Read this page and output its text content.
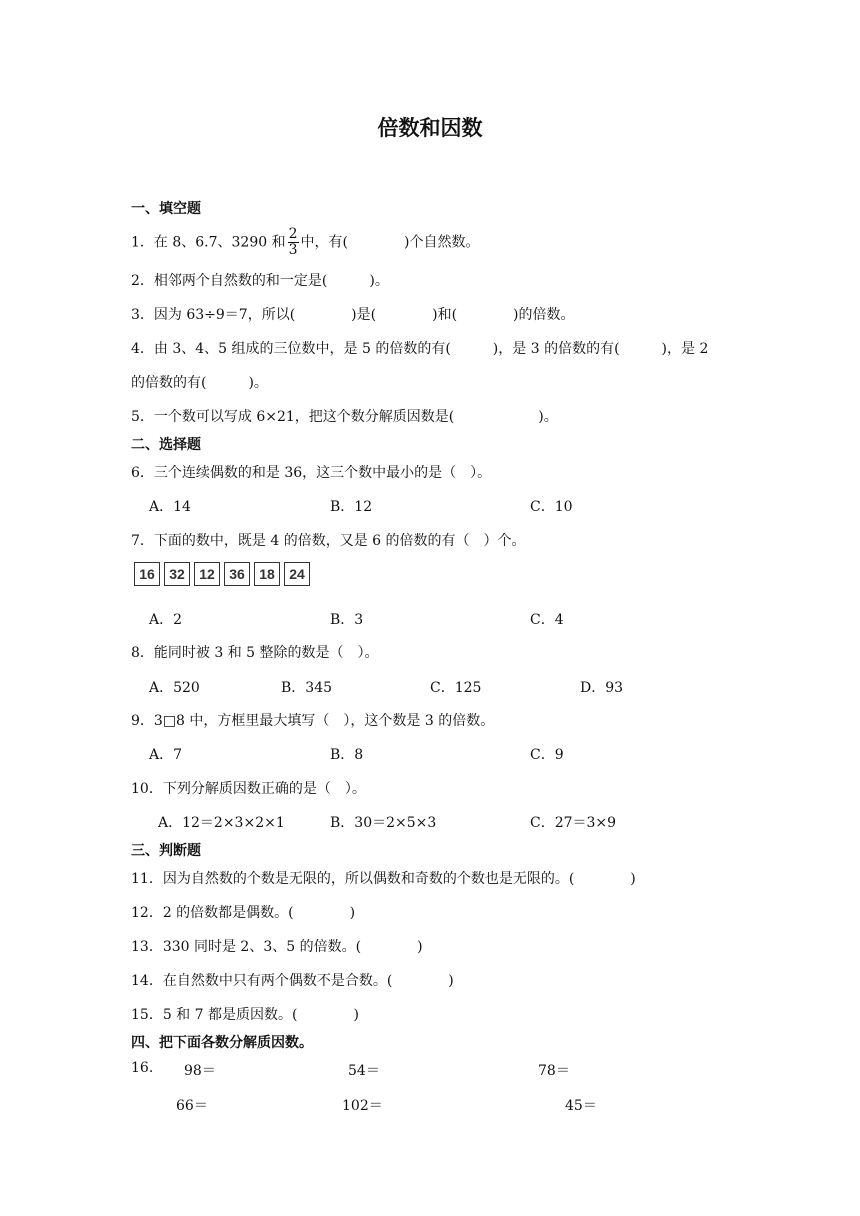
倍数和因数
一、填空题
1．在 8、6.7、3290 和 $\frac{2}{3}$ 中，有(　　　　)个自然数。
2．相邻两个自然数的和一定是(　　　)。
3．因为 63÷9＝7，所以(　　　　)是(　　　　)和(　　　　)的倍数。
4．由 3、4、5 组成的三位数中，是 5 的倍数的有(　　　)，是 3 的倍数的有(　　　)，是 2
的倍数的有(　　　)。
5．一个数可以写成 6×21，把这个数分解质因数是(　　　　　　)。
二、选择题
6．三个连续偶数的和是 36，这三个数中最小的是（　）。
A．14	B．12	C．10
7．下面的数中，既是 4 的倍数，又是 6 的倍数的有（　）个。
16	32	12	36	18	24
A．2	B．3	C．4
8．能同时被 3 和 5 整除的数是（　）。
A．520	B．345	C．125	D．93
9．3□8 中，方框里最大填写（　），这个数是 3 的倍数。
A．7	B．8	C．9
10．下列分解质因数正确的是（　）。
A．12＝2×3×2×1	B．30＝2×5×3	C．27＝3×9
三、判断题
11．因为自然数的个数是无限的，所以偶数和奇数的个数也是无限的。(　　　　)
12．2 的倍数都是偶数。(　　　　)
13．330 同时是 2、3、5 的倍数。(　　　　)
14．在自然数中只有两个偶数不是合数。(　　　　)
15．5 和 7 都是质因数。(　　　　)
四、把下面各数分解质因数。
16. 98＝	54＝	78＝
66＝	102＝	45＝
